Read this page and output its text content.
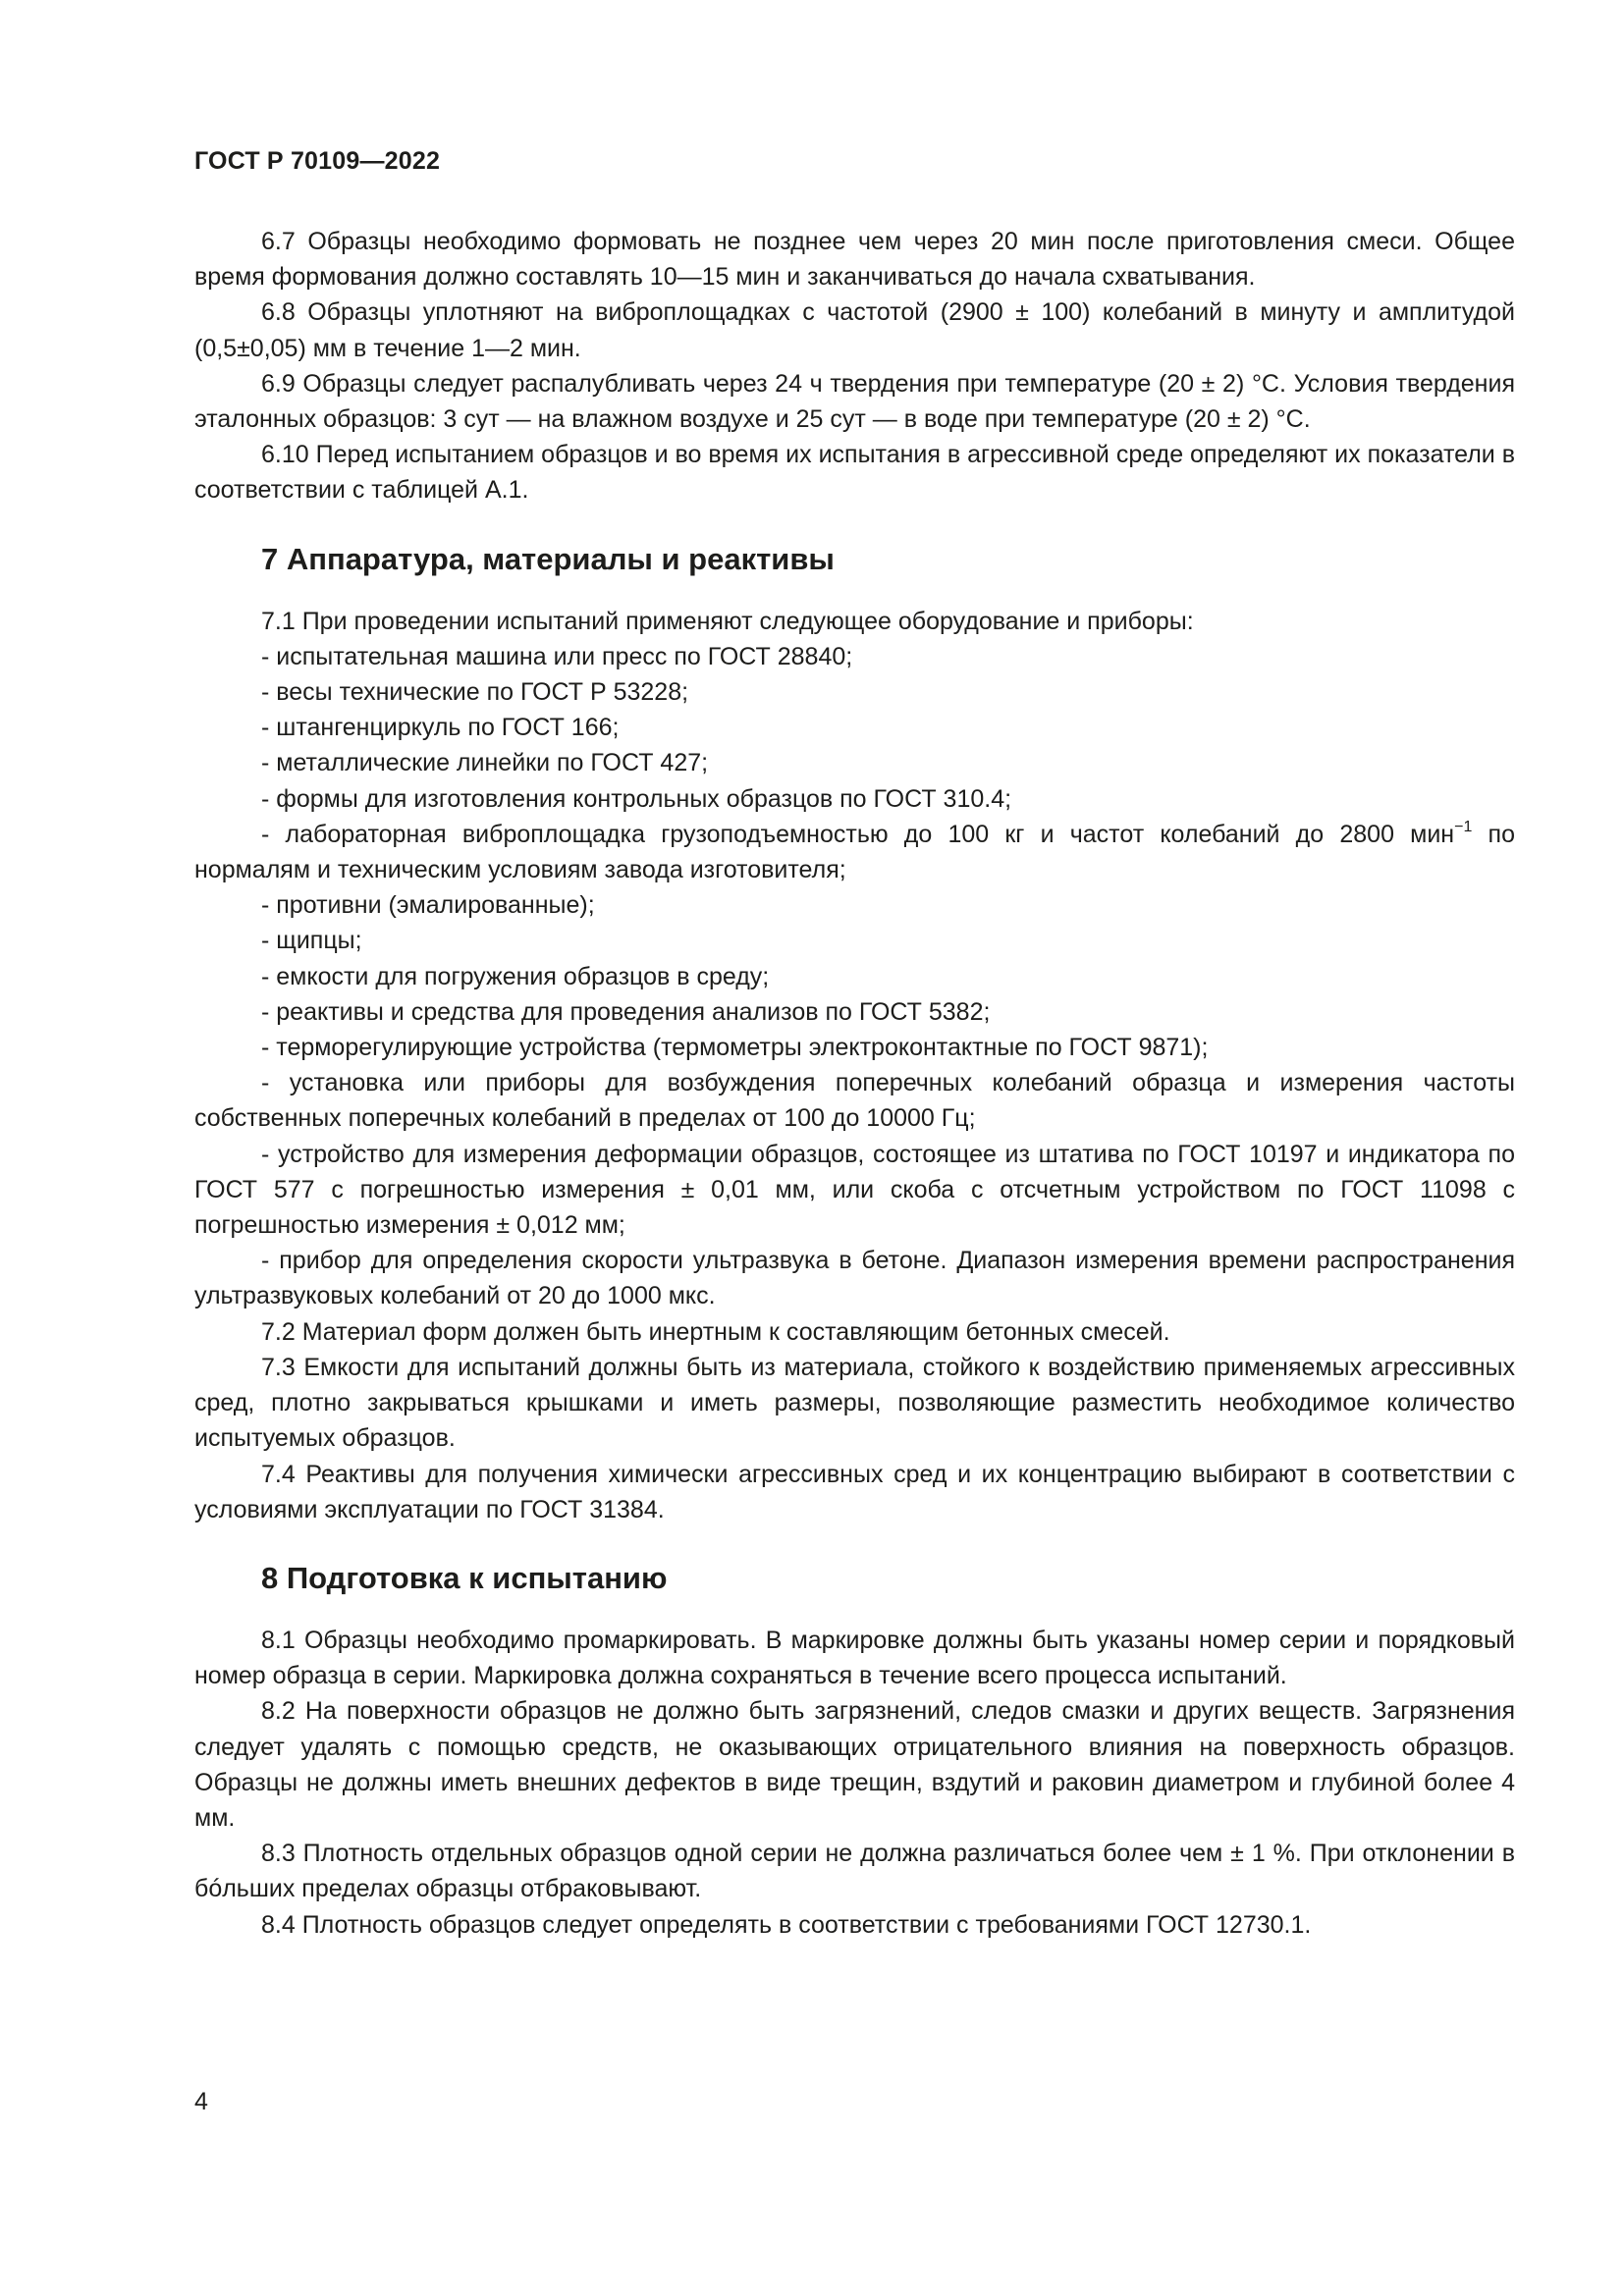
ГОСТ Р 70109—2022

6.7 Образцы необходимо формовать не позднее чем через 20 мин после приготовления смеси. Общее время формования должно составлять 10—15 мин и заканчиваться до начала схватывания.

6.8 Образцы уплотняют на виброплощадках с частотой (2900 ± 100) колебаний в минуту и амплитудой (0,5±0,05) мм в течение 1—2 мин.

6.9 Образцы следует распалубливать через 24 ч твердения при температуре (20 ± 2) °С. Условия твердения эталонных образцов: 3 сут — на влажном воздухе и 25 сут — в воде при температуре (20 ± 2) °С.

6.10 Перед испытанием образцов и во время их испытания в агрессивной среде определяют их показатели в соответствии с таблицей А.1.

7 Аппаратура, материалы и реактивы

7.1 При проведении испытаний применяют следующее оборудование и приборы:

- испытательная машина или пресс по ГОСТ 28840;

- весы технические по ГОСТ Р 53228;

- штангенциркуль по ГОСТ 166;

- металлические линейки по ГОСТ 427;

- формы для изготовления контрольных образцов по ГОСТ 310.4;

- лабораторная виброплощадка грузоподъемностью до 100 кг и частот колебаний до 2800 мин$^{-1}$ по нормалям и техническим условиям завода изготовителя;

- противни (эмалированные);

- щипцы;

- емкости для погружения образцов в среду;

- реактивы и средства для проведения анализов по ГОСТ 5382;

- терморегулирующие устройства (термометры электроконтактные по ГОСТ 9871);

- установка или приборы для возбуждения поперечных колебаний образца и измерения частоты собственных поперечных колебаний в пределах от 100 до 10000 Гц;

- устройство для измерения деформации образцов, состоящее из штатива по ГОСТ 10197 и индикатора по ГОСТ 577 с погрешностью измерения ± 0,01 мм, или скоба с отсчетным устройством по ГОСТ 11098 с погрешностью измерения ± 0,012 мм;

- прибор для определения скорости ультразвука в бетоне. Диапазон измерения времени распространения ультразвуковых колебаний от 20 до 1000 мкс.

7.2 Материал форм должен быть инертным к составляющим бетонных смесей.

7.3 Емкости для испытаний должны быть из материала, стойкого к воздействию применяемых агрессивных сред, плотно закрываться крышками и иметь размеры, позволяющие разместить необходимое количество испытуемых образцов.

7.4 Реактивы для получения химически агрессивных сред и их концентрацию выбирают в соответствии с условиями эксплуатации по ГОСТ 31384.

8 Подготовка к испытанию

8.1 Образцы необходимо промаркировать. В маркировке должны быть указаны номер серии и порядковый номер образца в серии. Маркировка должна сохраняться в течение всего процесса испытаний.

8.2 На поверхности образцов не должно быть загрязнений, следов смазки и других веществ. Загрязнения следует удалять с помощью средств, не оказывающих отрицательного влияния на поверхность образцов. Образцы не должны иметь внешних дефектов в виде трещин, вздутий и раковин диаметром и глубиной более 4 мм.

8.3 Плотность отдельных образцов одной серии не должна различаться более чем ± 1 %. При отклонении в бóльших пределах образцы отбраковывают.

8.4 Плотность образцов следует определять в соответствии с требованиями ГОСТ 12730.1.

4
